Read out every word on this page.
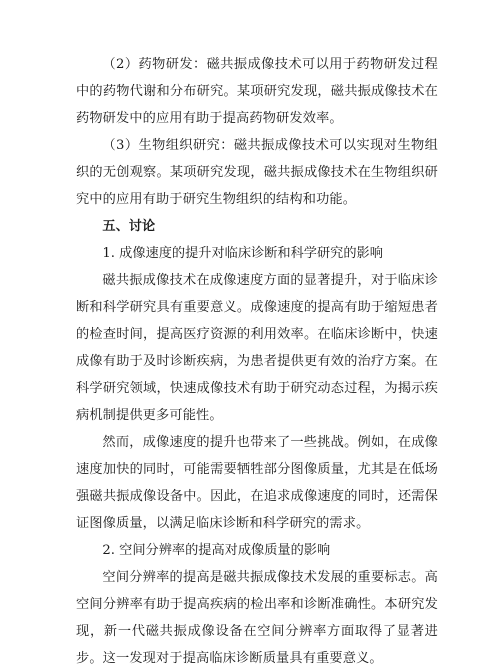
（2）药物研发：磁共振成像技术可以用于药物研发过程中的药物代谢和分布研究。某项研究发现，磁共振成像技术在药物研发中的应用有助于提高药物研发效率。

（3）生物组织研究：磁共振成像技术可以实现对生物组织的无创观察。某项研究发现，磁共振成像技术在生物组织研究中的应用有助于研究生物组织的结构和功能。

五、讨论

1. 成像速度的提升对临床诊断和科学研究的影响

磁共振成像技术在成像速度方面的显著提升，对于临床诊断和科学研究具有重要意义。成像速度的提高有助于缩短患者的检查时间，提高医疗资源的利用效率。在临床诊断中，快速成像有助于及时诊断疾病，为患者提供更有效的治疗方案。在科学研究领域，快速成像技术有助于研究动态过程，为揭示疾病机制提供更多可能性。

然而，成像速度的提升也带来了一些挑战。例如，在成像速度加快的同时，可能需要牺牲部分图像质量，尤其是在低场强磁共振成像设备中。因此，在追求成像速度的同时，还需保证图像质量，以满足临床诊断和科学研究的需求。

2. 空间分辨率的提高对成像质量的影响

空间分辨率的提高是磁共振成像技术发展的重要标志。高空间分辨率有助于提高疾病的检出率和诊断准确性。本研究发现，新一代磁共振成像设备在空间分辨率方面取得了显著进步。这一发现对于提高临床诊断质量具有重要意义。
